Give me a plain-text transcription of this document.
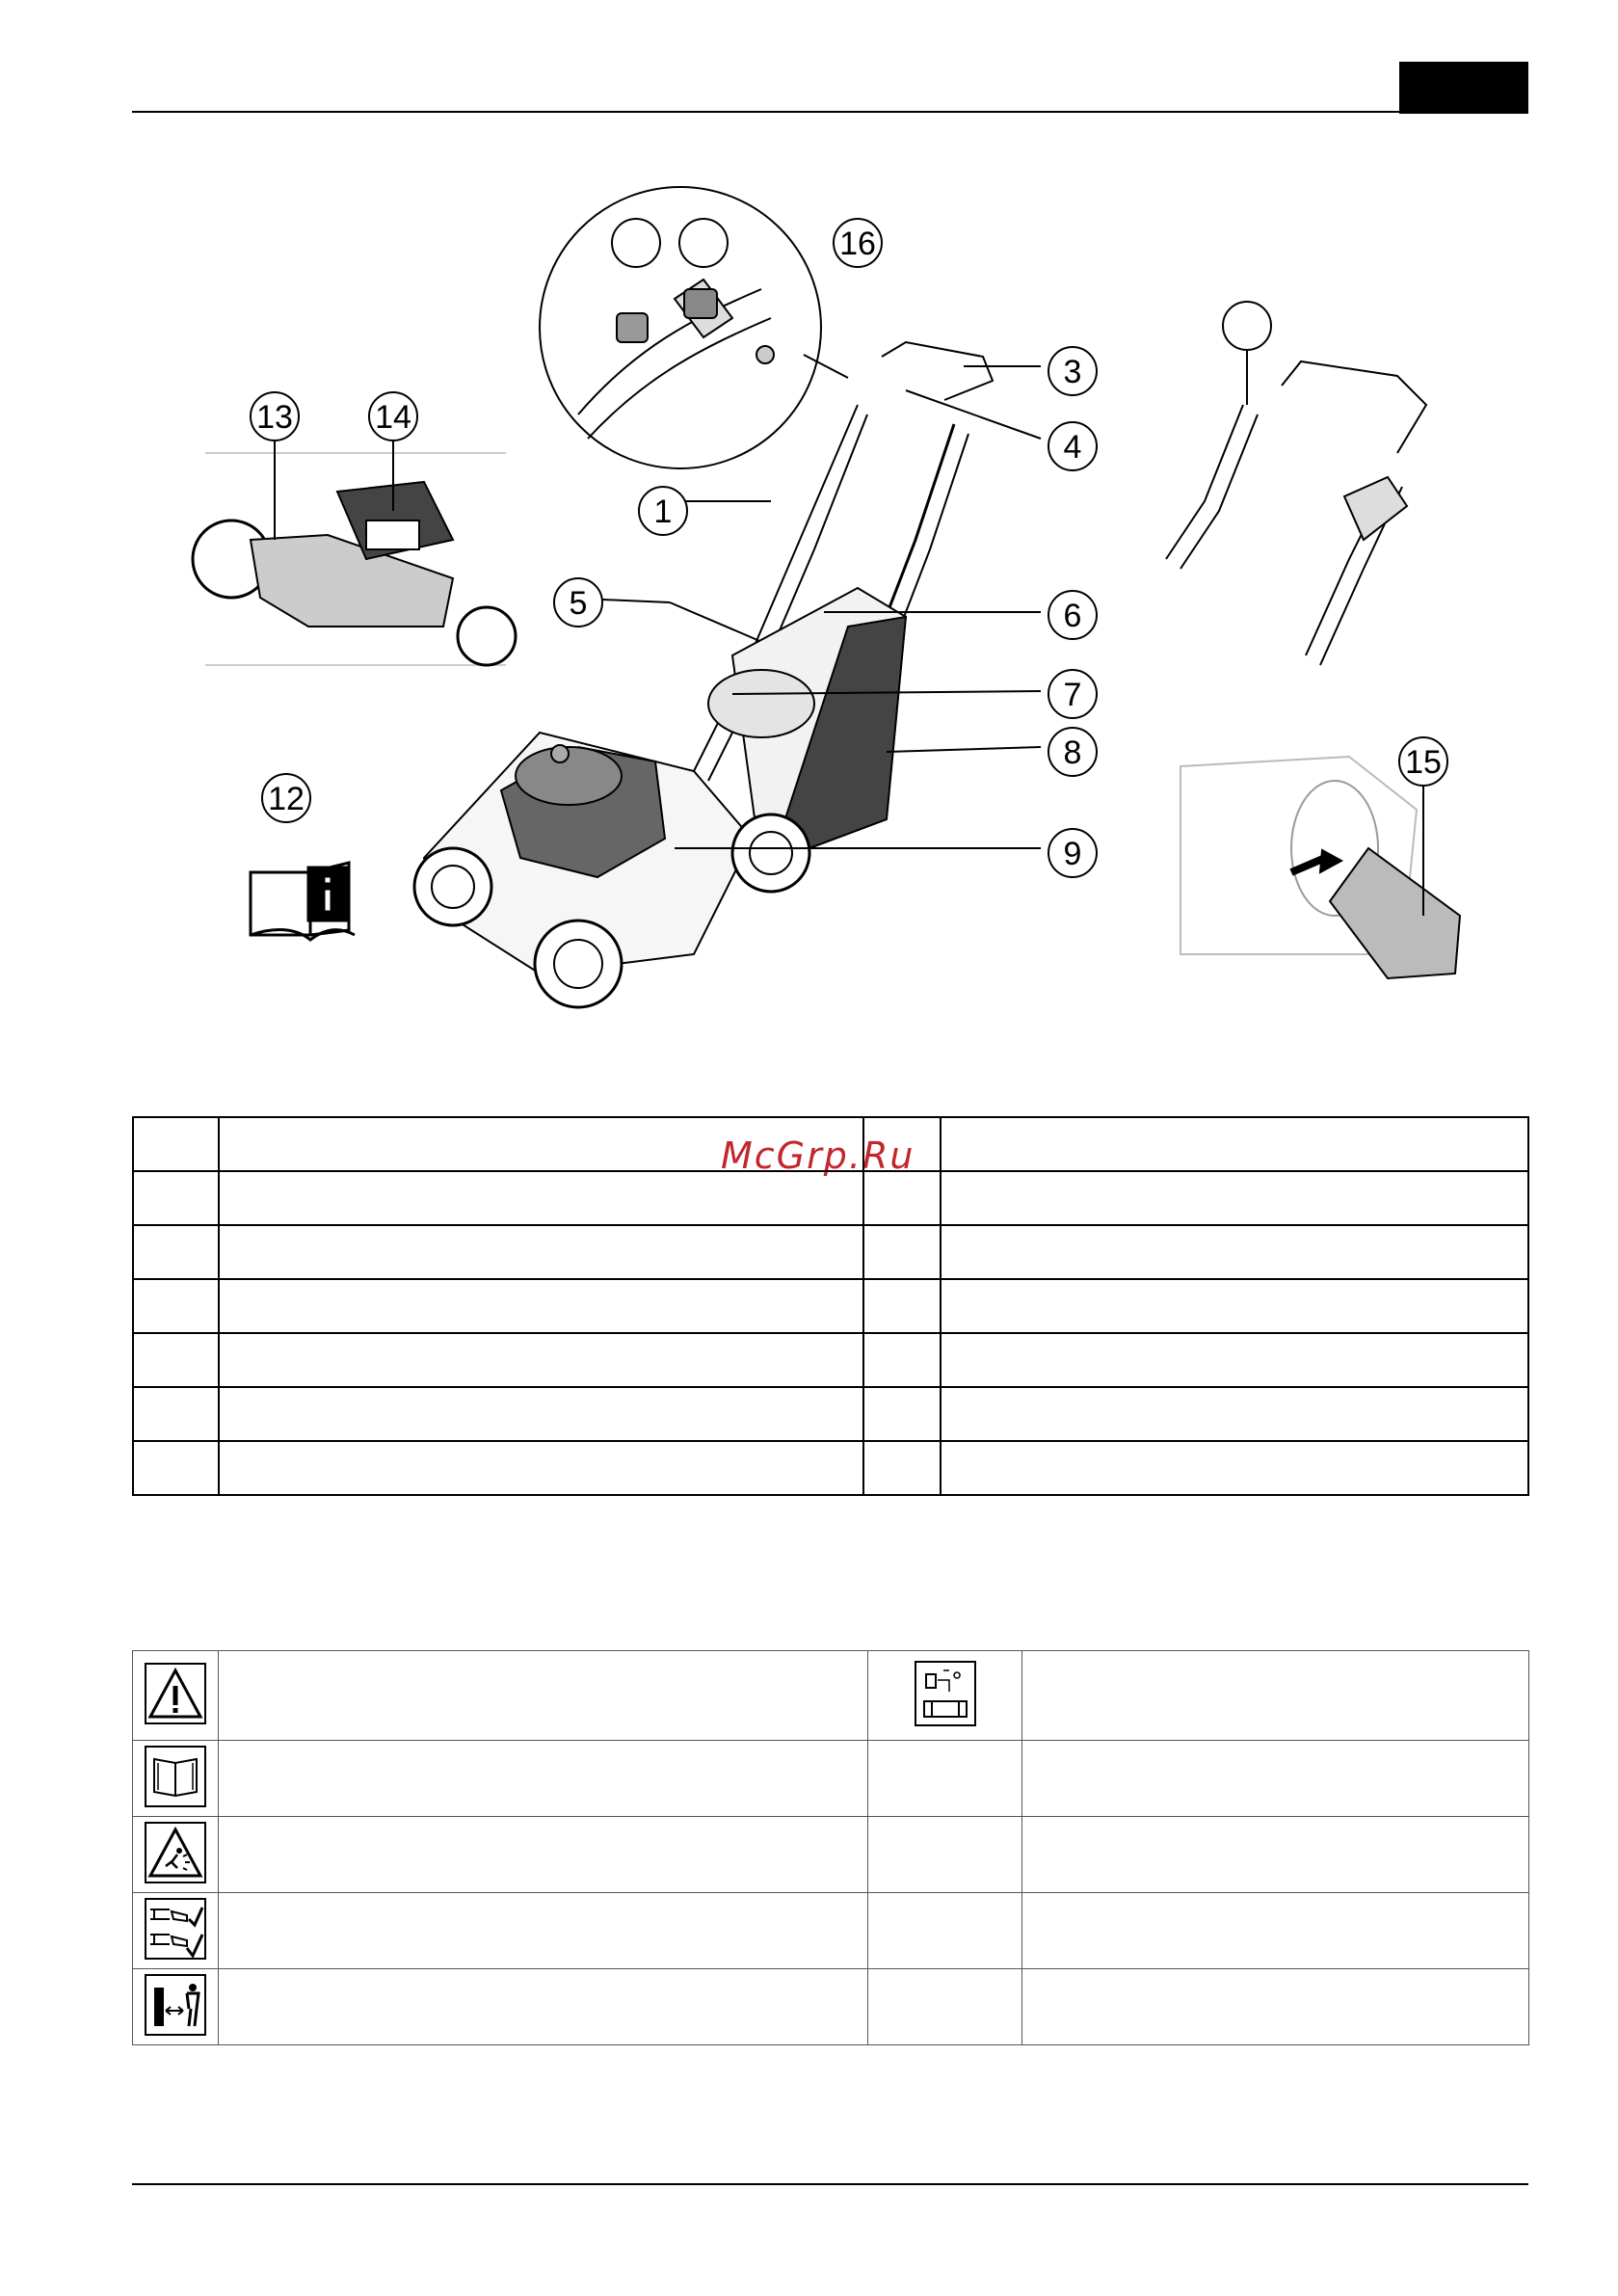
16
3
4
1
5	6
7
8
9
13	14
12
15
McGrp.Ru
